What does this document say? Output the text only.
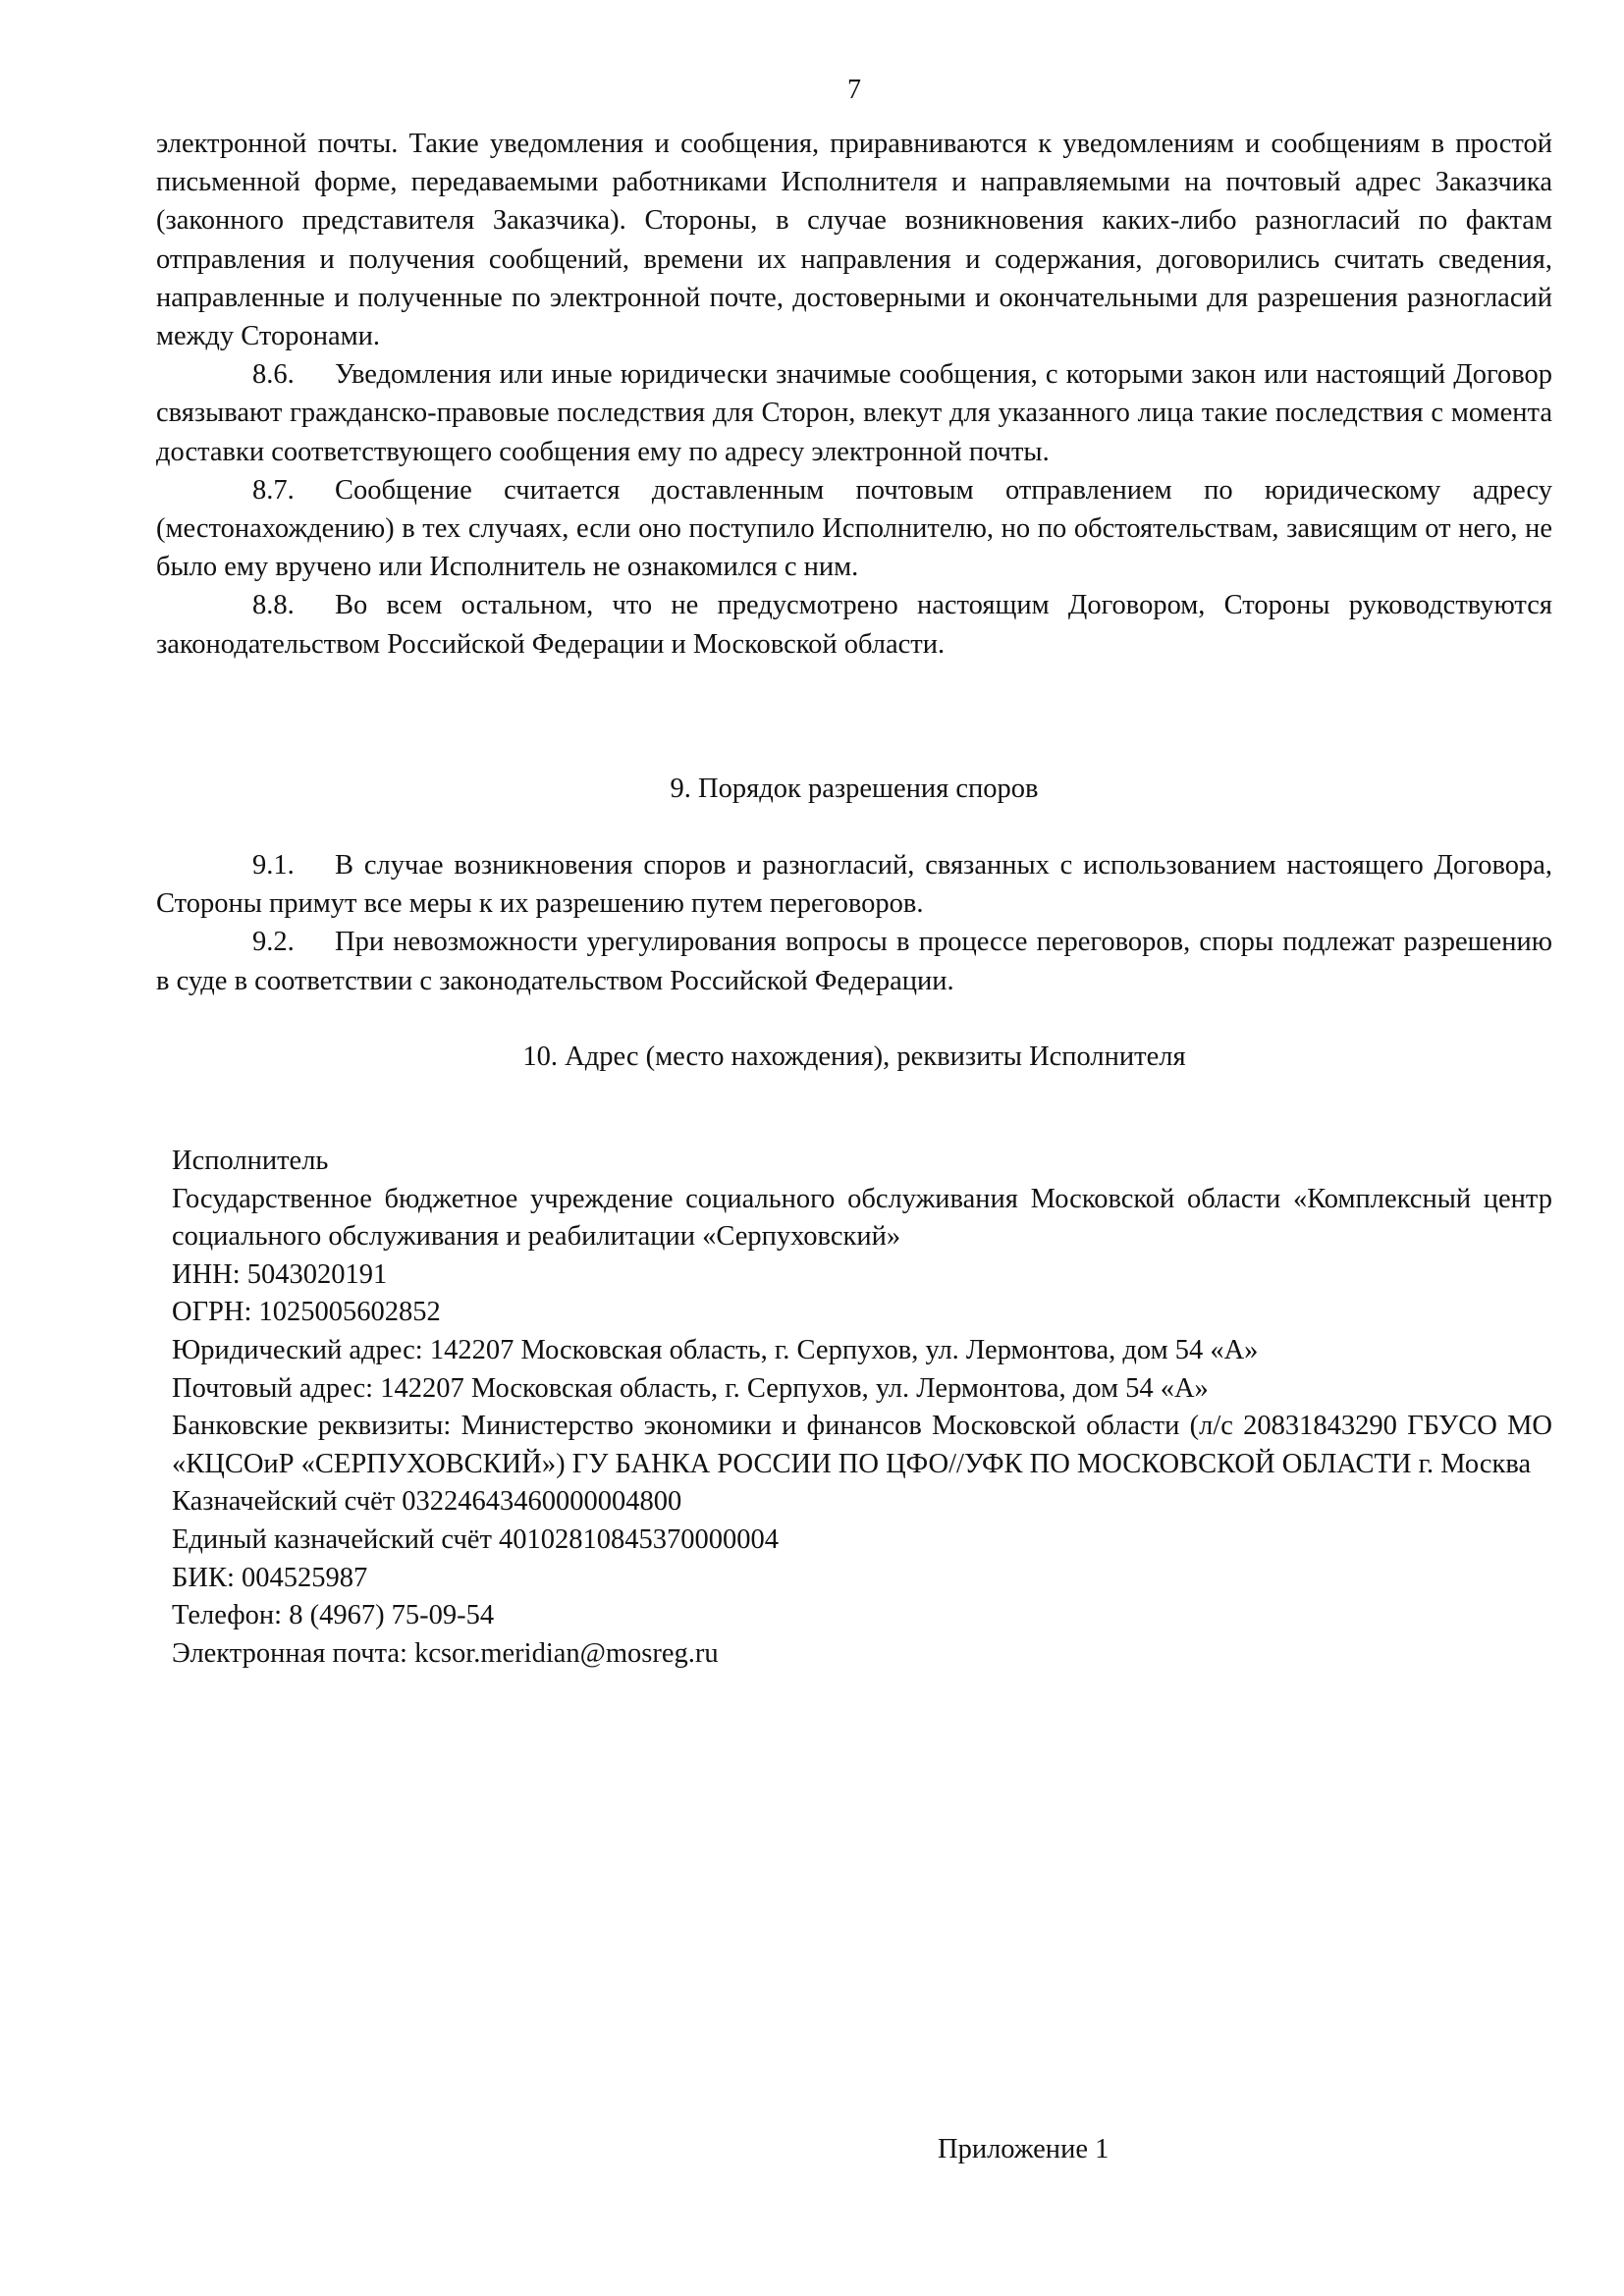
7

электронной почты. Такие уведомления и сообщения, приравниваются к уведомлениям и сообщениям в простой письменной форме, передаваемыми работниками Исполнителя и направляемыми на почтовый адрес Заказчика (законного представителя Заказчика). Стороны, в случае возникновения каких-либо разногласий по фактам отправления и получения сообщений, времени их направления и содержания, договорились считать сведения, направленные и полученные по электронной почте, достоверными и окончательными для разрешения разногласий между Сторонами.

8.6. Уведомления или иные юридически значимые сообщения, с которыми закон или настоящий Договор связывают гражданско-правовые последствия для Сторон, влекут для указанного лица такие последствия с момента доставки соответствующего сообщения ему по адресу электронной почты.

8.7. Сообщение считается доставленным почтовым отправлением по юридическому адресу (местонахождению) в тех случаях, если оно поступило Исполнителю, но по обстоятельствам, зависящим от него, не было ему вручено или Исполнитель не ознакомился с ним.

8.8. Во всем остальном, что не предусмотрено настоящим Договором, Стороны руководствуются законодательством Российской Федерации и Московской области.

9. Порядок разрешения споров

9.1. В случае возникновения споров и разногласий, связанных с использованием настоящего Договора, Стороны примут все меры к их разрешению путем переговоров.

9.2. При невозможности урегулирования вопросы в процессе переговоров, споры подлежат разрешению в суде в соответствии с законодательством Российской Федерации.

10. Адрес (место нахождения), реквизиты Исполнителя

Исполнитель

Государственное бюджетное учреждение социального обслуживания Московской области «Комплексный центр социального обслуживания и реабилитации «Серпуховский»

ИНН: 5043020191

ОГРН: 1025005602852

Юридический адрес: 142207 Московская область, г. Серпухов, ул. Лермонтова, дом 54 «А»

Почтовый адрес: 142207 Московская область, г. Серпухов, ул. Лермонтова, дом 54 «А»

Банковские реквизиты: Министерство экономики и финансов Московской области (л/с 20831843290 ГБУСО МО «КЦСОиР «СЕРПУХОВСКИЙ») ГУ БАНКА РОССИИ ПО ЦФО//УФК ПО МОСКОВСКОЙ ОБЛАСТИ г. Москва

Казначейский счёт 03224643460000004800

Единый казначейский счёт 40102810845370000004

БИК: 004525987

Телефон: 8 (4967) 75-09-54

Электронная почта: kcsor.meridian@mosreg.ru

Приложение 1
